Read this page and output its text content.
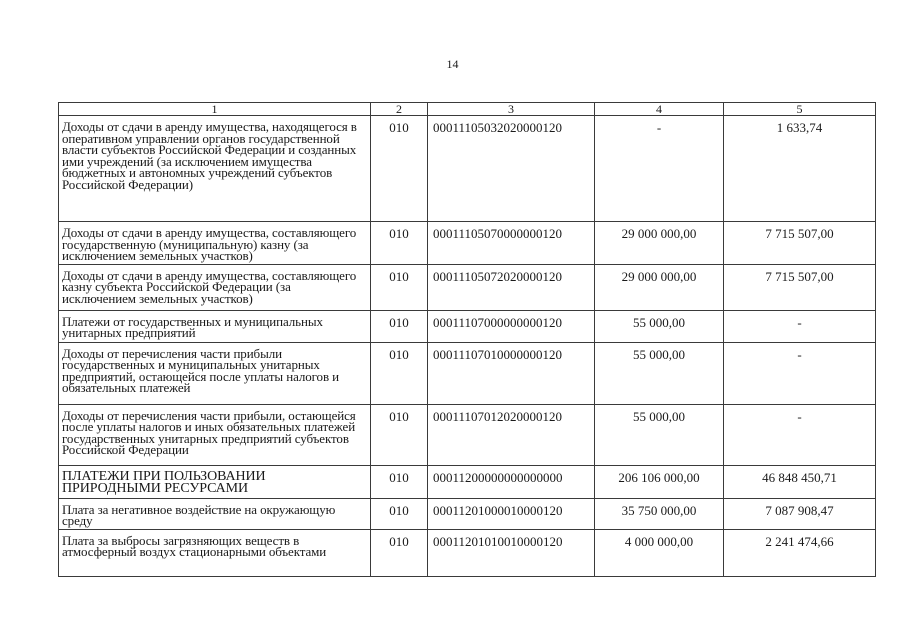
14
1	2	3	4	5
Доходы от сдачи в аренду имущества, находящегося в оперативном управлении органов государственной власти субъектов Российской Федерации и созданных ими учреждений (за исключением имущества бюджетных и автономных учреждений субъектов Российской Федерации)	010	00011105032020000120	-	1 633,74
Доходы от сдачи в аренду имущества, составляющего государственную (муниципальную) казну (за исключением земельных участков)	010	00011105070000000120	29 000 000,00	7 715 507,00
Доходы от сдачи в аренду имущества, составляющего казну субъекта Российской Федерации (за исключением земельных участков)	010	00011105072020000120	29 000 000,00	7 715 507,00
Платежи от государственных и муниципальных унитарных предприятий	010	00011107000000000120	55 000,00	-
Доходы от перечисления части прибыли государственных и муниципальных унитарных предприятий, остающейся после уплаты налогов и обязательных платежей	010	00011107010000000120	55 000,00	-
Доходы от перечисления части прибыли, остающейся после уплаты налогов и иных обязательных платежей государственных унитарных предприятий субъектов Российской Федерации	010	00011107012020000120	55 000,00	-
ПЛАТЕЖИ ПРИ ПОЛЬЗОВАНИИ ПРИРОДНЫМИ РЕСУРСАМИ	010	00011200000000000000	206 106 000,00	46 848 450,71
Плата за негативное воздействие на окружающую среду	010	00011201000010000120	35 750 000,00	7 087 908,47
Плата за выбросы загрязняющих веществ в атмосферный воздух стационарными объектами	010	00011201010010000120	4 000 000,00	2 241 474,66
